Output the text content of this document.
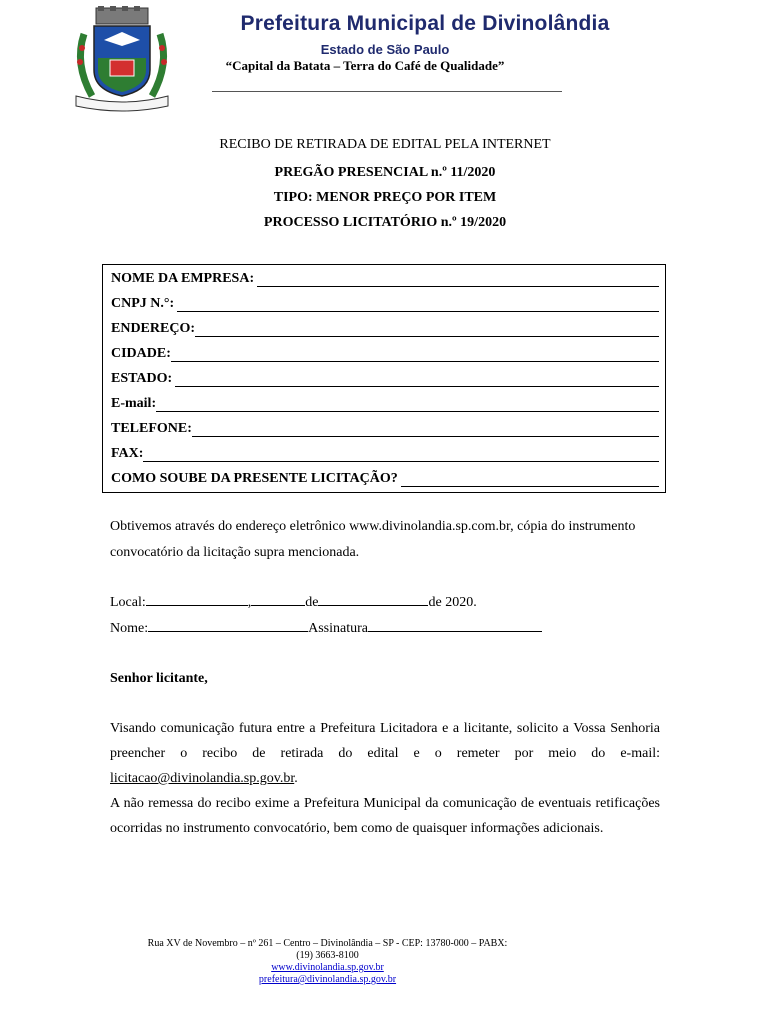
Prefeitura Municipal de Divinolândia
Estado de São Paulo
“Capital da Batata – Terra do Café de Qualidade”
RECIBO DE RETIRADA DE EDITAL PELA INTERNET
PREGÃO PRESENCIAL n.º 11/2020
TIPO: MENOR PREÇO POR ITEM
PROCESSO LICITATÓRIO n.º 19/2020
NOME DA EMPRESA:
CNPJ N.°:
ENDEREÇO:
CIDADE:
ESTADO:
E-mail:
TELEFONE:
FAX:
COMO SOUBE DA PRESENTE LICITAÇÃO?
Obtivemos através do endereço eletrônico www.divinolandia.sp.com.br, cópia do instrumento convocatório da licitação supra mencionada.
Local:	,	de	de 2020.
Nome:	Assinatura
Senhor licitante,
Visando comunicação futura entre a Prefeitura Licitadora e a licitante, solicito a Vossa Senhoria preencher o recibo de retirada do edital e o remeter por meio do e-mail: licitacao@divinolandia.sp.gov.br.
A não remessa do recibo exime a Prefeitura Municipal da comunicação de eventuais retificações ocorridas no instrumento convocatório, bem como de quaisquer informações adicionais.
Rua XV de Novembro – nº 261 – Centro – Divinolândia – SP - CEP: 13780-000 – PABX:
(19) 3663-8100
www.divinolandia.sp.gov.br
prefeitura@divinolandia.sp.gov.br
